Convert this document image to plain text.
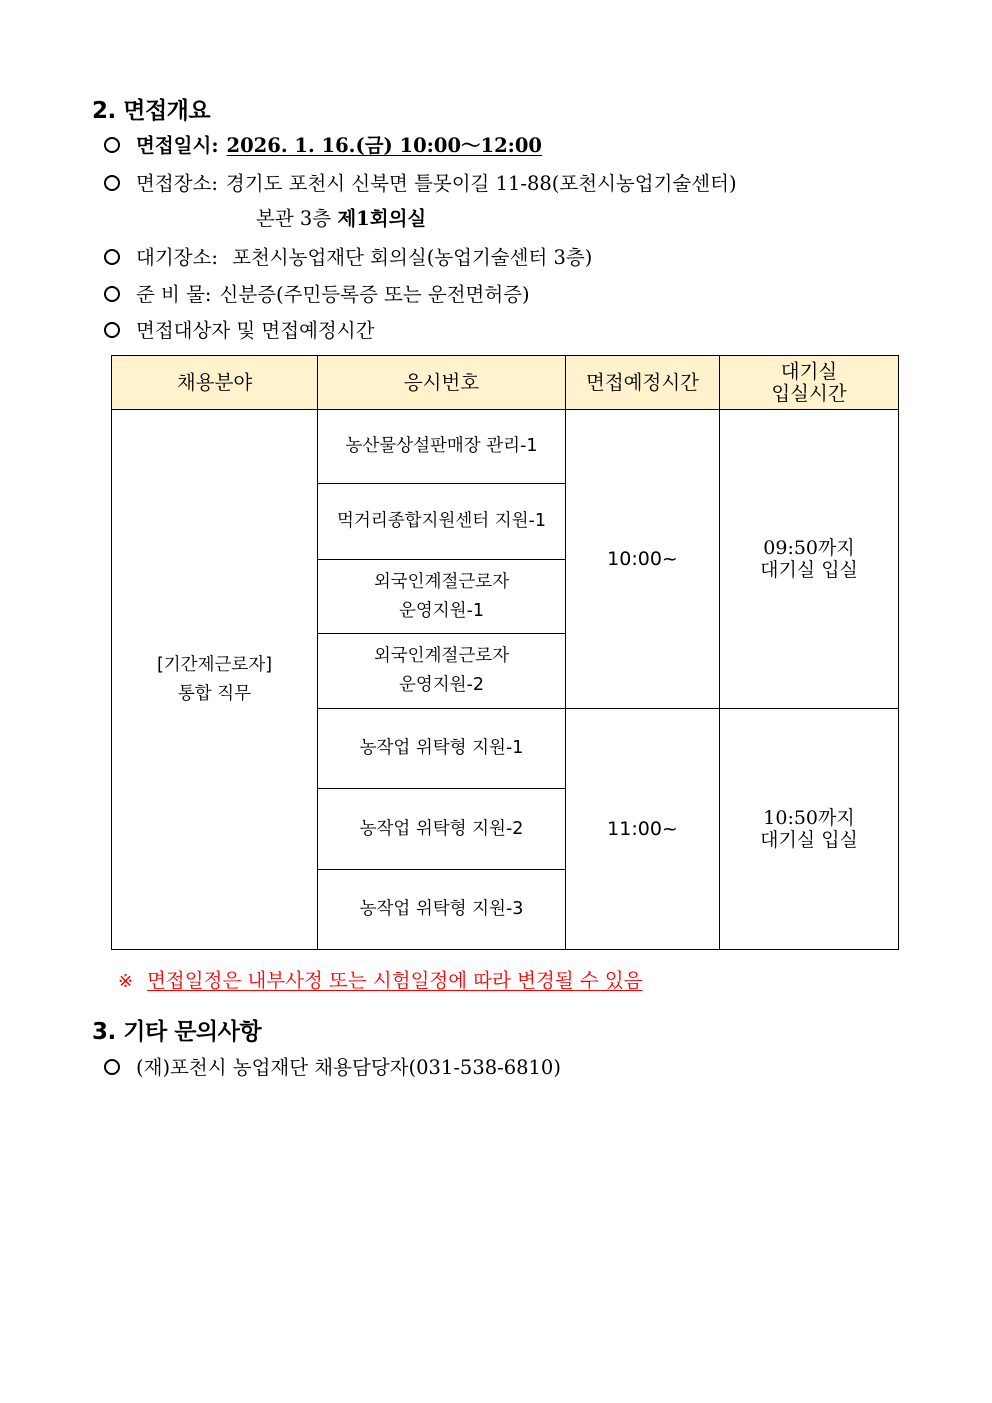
2. 면접개요
면접일시: 2026. 1. 16.(금) 10:00～12:00
면접장소: 경기도 포천시 신북면 틀못이길 11-88(포천시농업기술센터)
본관 3층 제1회의실
대기장소: 포천시농업재단 회의실(농업기술센터 3층)
준 비 물: 신분증(주민등록증 또는 운전면허증)
면접대상자 및 면접예정시간
채용분야	응시번호	면접예정시간	대기실
입실시간
[기간제근로자]
통합 직무	농산물상설판매장 관리-1	10:00~	09:50까지
대기실 입실
	먹거리종합지원센터 지원-1		
	외국인계절근로자
운영지원-1		
	외국인계절근로자
운영지원-2		
	농작업 위탁형 지원-1	11:00~	10:50까지
대기실 입실
	농작업 위탁형 지원-2		
	농작업 위탁형 지원-3		
※ 면접일정은 내부사정 또는 시험일정에 따라 변경될 수 있음
3. 기타 문의사항
(재)포천시 농업재단 채용담당자(031-538-6810)
